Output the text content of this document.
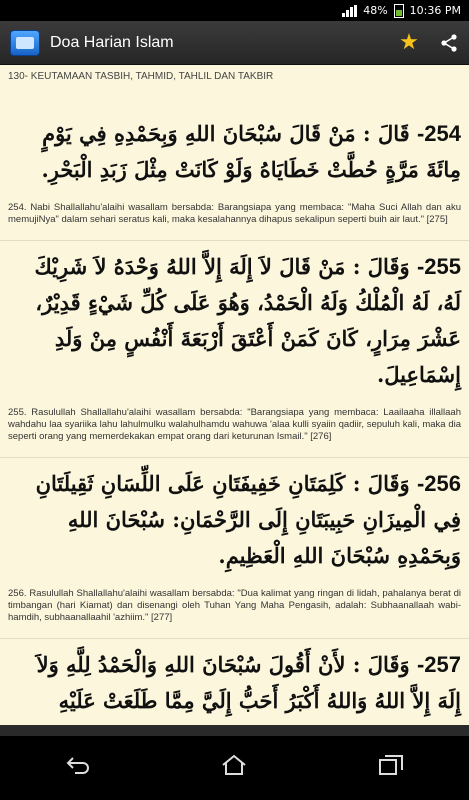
48% 10:36 PM
Doa Harian Islam	★
130- KEUTAMAAN TASBIH, TAHMID, TAHLIL DAN TAKBIR
254- قَالَ : مَنْ قَالَ سُبْحَانَ اللهِ وَبِحَمْدِهِ فِي يَوْمٍ مِائَةَ مَرَّةٍ حُطَّتْ خَطَايَاهُ وَلَوْ كَانَتْ مِثْلَ زَبَدِ الْبَحْرِ.
254. Nabi Shallallahu'alaihi wasallam bersabda: Barangsiapa yang membaca: "Maha Suci Allah dan aku memujiNya" dalam sehari seratus kali, maka kesalahannya dihapus sekalipun seperti buih air laut." [275]
255- وَقَالَ : مَنْ قَالَ لاَ إِلَهَ إِلاَّ اللهُ وَحْدَهُ لاَ شَرِيْكَ لَهُ، لَهُ الْمُلْكُ وَلَهُ الْحَمْدُ، وَهُوَ عَلَى كُلِّ شَيْءٍ قَدِيْرٌ، عَشْرَ مِرَارٍ، كَانَ كَمَنْ أَعْتَقَ أَرْبَعَةَ أَنْفُسٍ مِنْ وَلَدِ إِسْمَاعِيلَ.
255. Rasulullah Shallallahu'alaihi wasallam bersabda: "Barangsiapa yang membaca: Laailaaha illallaah wahdahu laa syariika lahu lahulmulku walahulhamdu wahuwa 'alaa kulli syaiin qadiir, sepuluh kali, maka dia seperti orang yang memerdekakan empat orang dari keturunan Ismail." [276]
256- وَقَالَ : كَلِمَتَانِ خَفِيفَتَانِ عَلَى اللِّسَانِ ثَقِيلَتَانِ فِي الْمِيزَانِ حَبِيبَتَانِ إِلَى الرَّحْمَانِ: سُبْحَانَ اللهِ وَبِحَمْدِهِ سُبْحَانَ اللهِ الْعَظِيمِ.
256. Rasulullah Shallallahu'alaihi wasallam bersabda: "Dua kalimat yang ringan di lidah, pahalanya berat di timbangan (hari Kiamat) dan disenangi oleh Tuhan Yang Maha Pengasih, adalah: Subhaanallaah wabi-hamdih, subhaanallaahil 'azhiim." [277]
257- وَقَالَ : لأَنْ أَقُولَ سُبْحَانَ اللهِ وَالْحَمْدُ لِلَّهِ وَلاَ إِلَهَ إِلاَّ اللهُ وَاللهُ أَكْبَرُ أَحَبُّ إِلَيَّ مِمَّا طَلَعَتْ عَلَيْهِ
